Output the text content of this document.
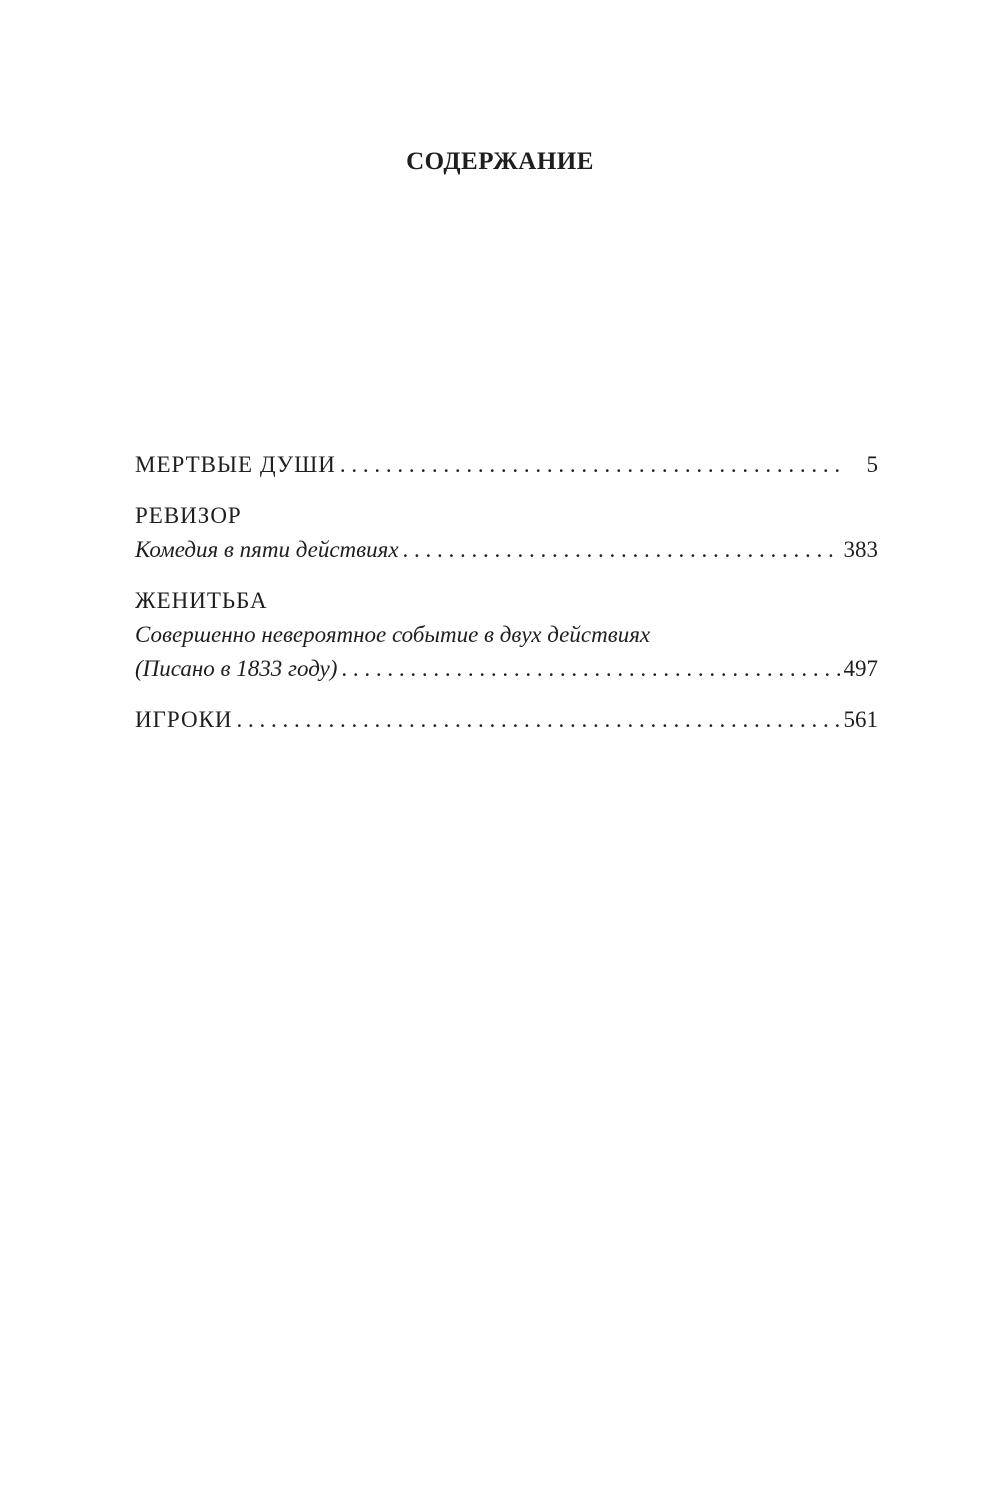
СОДЕРЖАНИЕ
МЕРТВЫЕ ДУШИ . . .	5
РЕВИЗОР
Комедия в пяти действиях . . .	383
ЖЕНИТЬБА
Совершенно невероятное событие в двух действиях
(Писано в 1833 году) . . .	497
ИГРОКИ . . .	561
